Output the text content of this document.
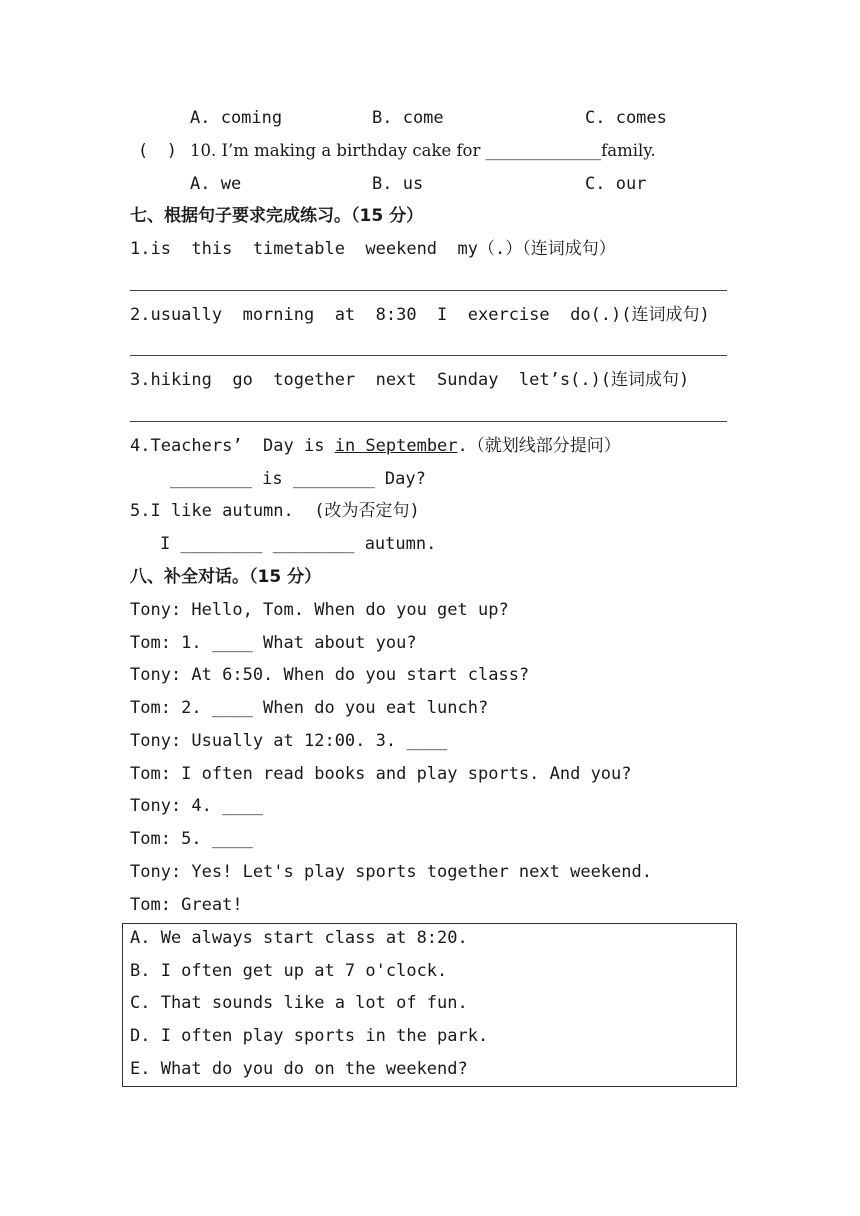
A. coming	B. come	C. comes
(    ) 10. I’m making a birthday cake for ______________family.
A. we	B. us	C. our
七、根据句子要求完成练习。（15 分）
1.is  this  timetable  weekend  my（.）（连词成句）
2.usually  morning  at  8:30  I  exercise  do(.)(连词成句)
3.hiking  go  together  next  Sunday  let’s(.)(连词成句)
4.Teachers’  Day is in September.（就划线部分提问）
________ is ________ Day?
5.I like autumn.  (改为否定句)
I ________ ________ autumn.
八、补全对话。（15 分）
Tony: Hello, Tom. When do you get up?
Tom: 1. ____ What about you?
Tony: At 6:50. When do you start class?
Tom: 2. ____ When do you eat lunch?
Tony: Usually at 12:00. 3. ____
Tom: I often read books and play sports. And you?
Tony: 4. ____
Tom: 5. ____
Tony: Yes! Let's play sports together next weekend.
Tom: Great!
A. We always start class at 8:20.
B. I often get up at 7 o'clock.
C. That sounds like a lot of fun.
D. I often play sports in the park.
E. What do you do on the weekend?
